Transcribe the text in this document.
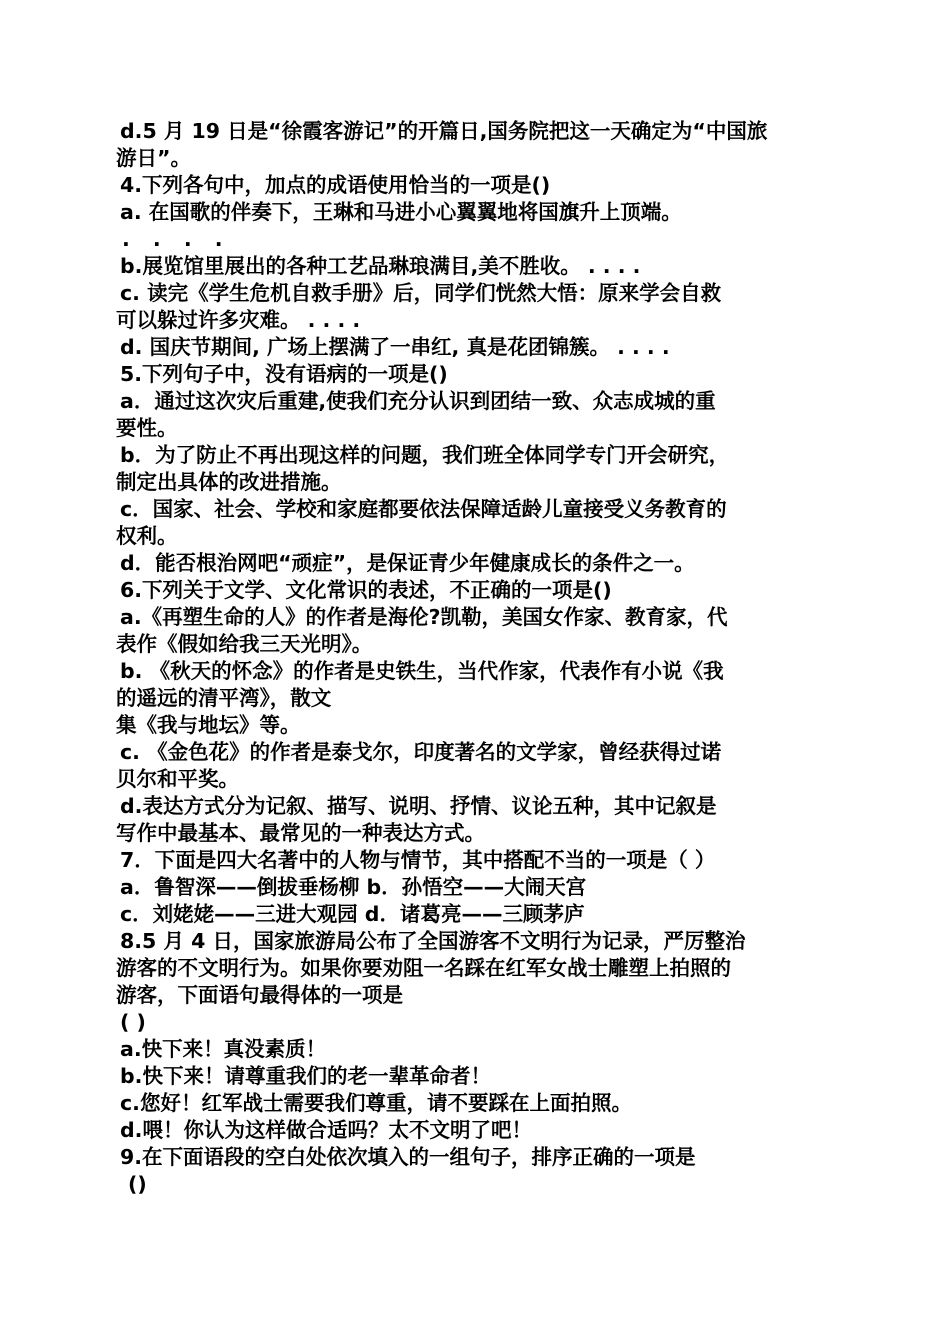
d.5 月 19 日是“徐霞客游记”的开篇日,国务院把这一天确定为“中国旅
游日”。
4.下列各句中，加点的成语使用恰当的一项是()
a. 在国歌的伴奏下，王琳和马进小心翼翼地将国旗升上顶端。
. . . .
b.展览馆里展出的各种工艺品琳琅满目,美不胜收。 . . . .
c. 读完《学生危机自救手册》后，同学们恍然大悟：原来学会自救
可以躲过许多灾难。 . . . .
d. 国庆节期间, 广场上摆满了一串红, 真是花团锦簇。 . . . .
5.下列句子中，没有语病的一项是()
a．通过这次灾后重建,使我们充分认识到团结一致、众志成城的重
要性。
b．为了防止不再出现这样的问题，我们班全体同学专门开会研究，
制定出具体的改进措施。
c．国家、社会、学校和家庭都要依法保障适龄儿童接受义务教育的
权利。
d．能否根治网吧“顽症”，是保证青少年健康成长的条件之一。
6.下列关于文学、文化常识的表述，不正确的一项是()
a.《再塑生命的人》的作者是海伦?凯勒，美国女作家、教育家，代
表作《假如给我三天光明》。
b. 《秋天的怀念》的作者是史铁生，当代作家，代表作有小说《我
的遥远的清平湾》，散文
集《我与地坛》等。
c. 《金色花》的作者是泰戈尔，印度著名的文学家，曾经获得过诺
贝尔和平奖。
d.表达方式分为记叙、描写、说明、抒情、议论五种，其中记叙是
写作中最基本、最常见的一种表达方式。
7．下面是四大名著中的人物与情节，其中搭配不当的一项是（ ）
a．鲁智深——倒拔垂杨柳 b．孙悟空——大闹天宫
c．刘姥姥——三进大观园 d．诸葛亮——三顾茅庐
8.5 月 4 日，国家旅游局公布了全国游客不文明行为记录，严厉整治
游客的不文明行为。如果你要劝阻一名踩在红军女战士雕塑上拍照的
游客，下面语句最得体的一项是
( )
a.快下来！真没素质！
b.快下来！请尊重我们的老一辈革命者！
c.您好！红军战士需要我们尊重，请不要踩在上面拍照。
d.喂！你认为这样做合适吗？太不文明了吧！
9.在下面语段的空白处依次填入的一组句子，排序正确的一项是
()
